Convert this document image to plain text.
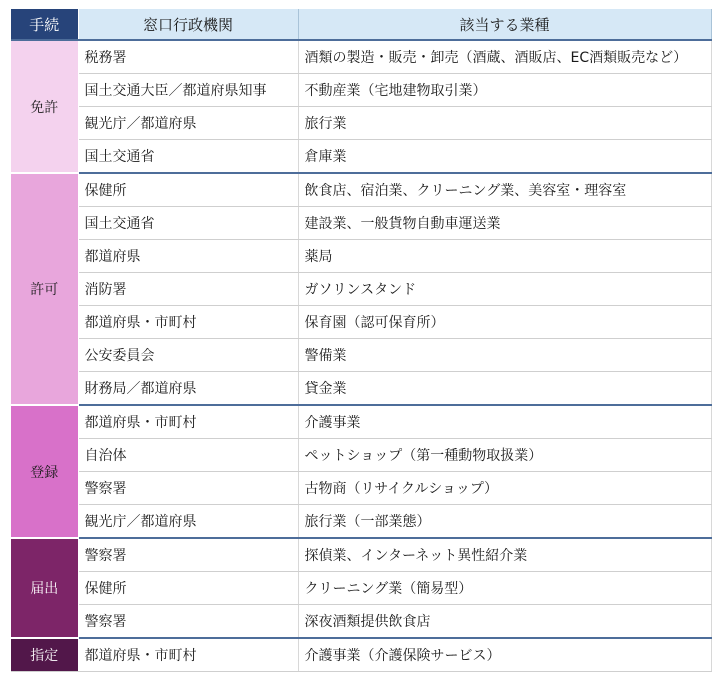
手続	窓口行政機関	該当する業種
免許	税務署	酒類の製造・販売・卸売（酒蔵、酒販店、EC酒類販売など）
	国土交通大臣／都道府県知事	不動産業（宅地建物取引業）
	観光庁／都道府県	旅行業
	国土交通省	倉庫業
許可	保健所	飲食店、宿泊業、クリーニング業、美容室・理容室
	国土交通省	建設業、一般貨物自動車運送業
	都道府県	薬局
	消防署	ガソリンスタンド
	都道府県・市町村	保育園（認可保育所）
	公安委員会	警備業
	財務局／都道府県	貸金業
登録	都道府県・市町村	介護事業
	自治体	ペットショップ（第一種動物取扱業）
	警察署	古物商（リサイクルショップ）
	観光庁／都道府県	旅行業（一部業態）
届出	警察署	探偵業、インターネット異性紹介業
	保健所	クリーニング業（簡易型）
	警察署	深夜酒類提供飲食店
指定	都道府県・市町村	介護事業（介護保険サービス）
